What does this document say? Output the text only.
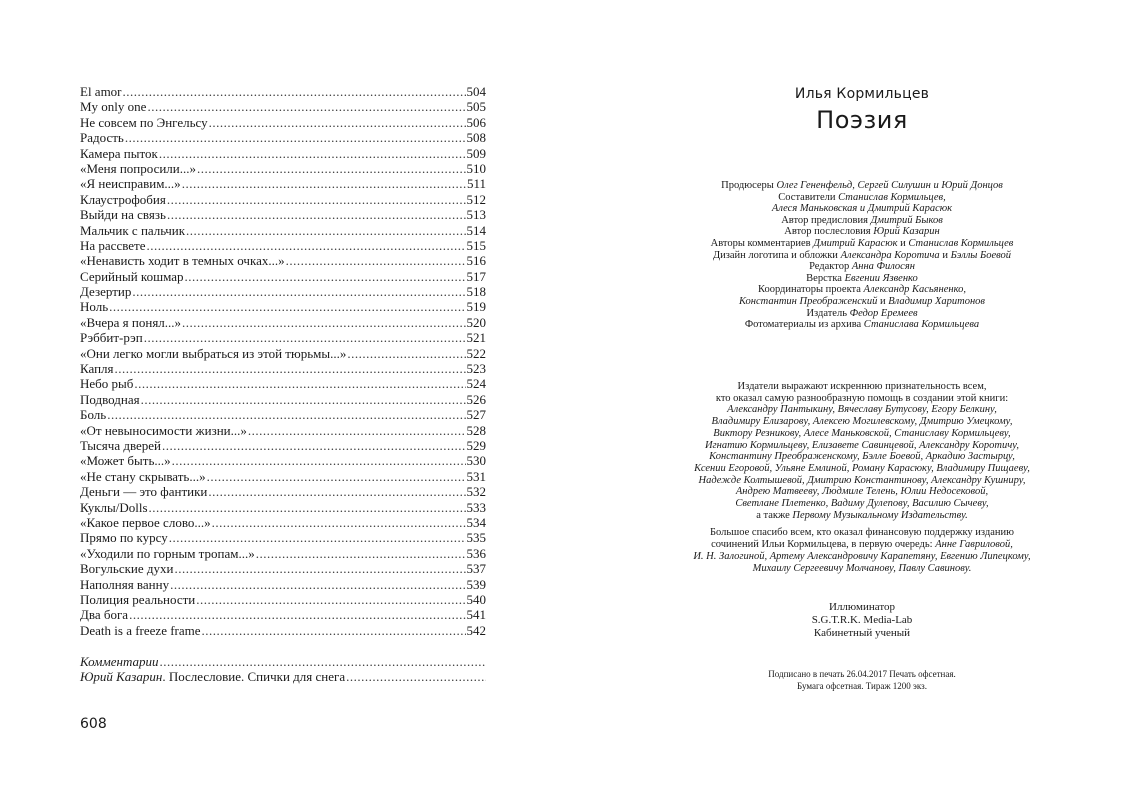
El amor .....	504
My only one .....	505
Не совсем по Энгельсу .....	506
Радость .....	508
Камера пыток .....	509
«Меня попросили...» .....	510
«Я неисправим...» .....	511
Клаустрофобия .....	512
Выйди на связь .....	513
Мальчик с пальчик .....	514
На рассвете .....	515
«Ненависть ходит в темных очках...» .....	516
Серийный кошмар .....	517
Дезертир .....	518
Ноль .....	519
«Вчера я понял...» .....	520
Рэббит-рэп .....	521
«Они легко могли выбраться из этой тюрьмы...» .....	522
Капля .....	523
Небо рыб .....	524
Подводная .....	526
Боль .....	527
«От невыносимости жизни...» .....	528
Тысяча дверей .....	529
«Может быть...» .....	530
«Не стану скрывать...» .....	531
Деньги — это фантики .....	532
Куклы/Dolls .....	533
«Какое первое слово...» .....	534
Прямо по курсу .....	535
«Уходили по горным тропам...» .....	536
Вогульские духи .....	537
Наполняя ванну .....	539
Полиция реальности .....	540
Два бога .....	541
Death is a freeze frame .....	542
Комментарии
.....
Юрий Казарин. Послесловие. Спички для снега
.....
608
Илья Кормильцев
Поэзия
Продюсеры Олег Гененфельд, Сергей Силушин и Юрий Донцов
Составители Станислав Кормильцев,
Алеся Маньковская и Дмитрий Карасюк
Автор предисловия Дмитрий Быков
Автор послесловия Юрий Казарин
Авторы комментариев Дмитрий Карасюк и Станислав Кормильцев
Дизайн логотипа и обложки Александра Коротича и Бэллы Боевой
Редактор Анна Филосян
Верстка Евгении Язвенко
Координаторы проекта Александр Касьяненко,
Константин Преображенский и Владимир Харитонов
Издатель Федор Еремеев
Фотоматериалы из архива Станислава Кормильцева
Издатели выражают искреннюю признательность всем,
кто оказал самую разнообразную помощь в создании этой книги:
Александру Пантыкину, Вячеславу Бутусову, Егору Белкину,
Владимиру Елизарову, Алексею Могилевскому, Дмитрию Умецкому,
Виктору Резникову, Алесе Маньковской, Станиславу Кормильцеву,
Игнатию Кормильцеву, Елизавете Савинцевой, Александру Коротичу,
Константину Преображенскому, Бэлле Боевой, Аркадию Застырцу,
Ксении Егоровой, Ульяне Емлиной, Роману Карасюку, Владимиру Пищаеву,
Надежде Колтышевой, Дмитрию Константинову, Александру Кушниру,
Андрею Матвееву, Людмиле Телень, Юлии Недосековой,
Светлане Плетенко, Вадиму Дулепову, Василию Сычеву,
а также Первому Музыкальному Издательству.
Большое спасибо всем, кто оказал финансовую поддержку изданию
сочинений Ильи Кормильцева, в первую очередь: Анне Гавриловой,
И. Н. Залогиной, Артему Александровичу Карапетяну, Евгению Липецкому,
Михаилу Сергеевичу Молчанову, Павлу Савинову.
Иллюминатор
S.G.T.R.K. Media-Lab
Кабинетный ученый
Подписано в печать 26.04.2017 Печать офсетная.
Бумага офсетная. Тираж 1200 экз.
